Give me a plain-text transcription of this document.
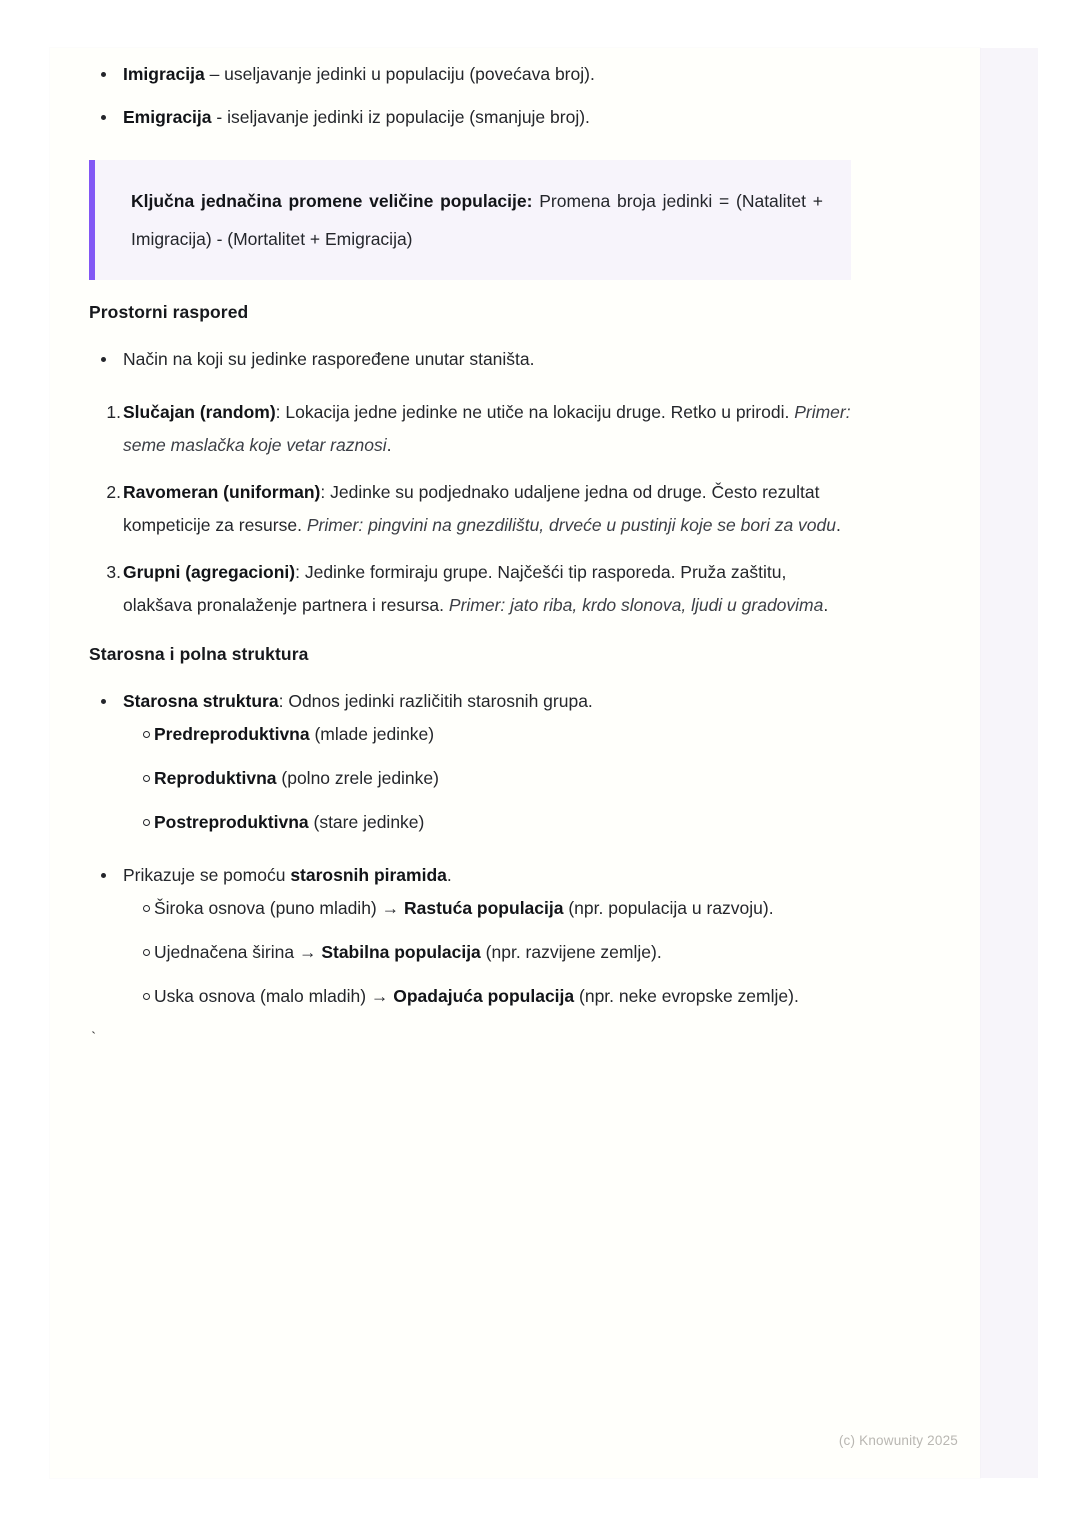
Imigracija – useljavanje jedinki u populaciju (povećava broj).
Emigracija - iseljavanje jedinki iz populacije (smanjuje broj).

Ključna jednačina promene veličine populacije: Promena broja jedinki = (Natalitet + Imigracija) - (Mortalitet + Emigracija)

Prostorni raspored
Način na koji su jedinke raspoređene unutar staništa.
1. Slučajan (random): Lokacija jedne jedinke ne utiče na lokaciju druge. Retko u prirodi. Primer: seme maslačka koje vetar raznosi.
2. Ravomeran (uniforman): Jedinke su podjednako udaljene jedna od druge. Često rezultat kompeticije za resurse. Primer: pingvini na gnezdilištu, drveće u pustinji koje se bori za vodu.
3. Grupni (agregacioni): Jedinke formiraju grupe. Najčešći tip rasporeda. Pruža zaštitu, olakšava pronalaženje partnera i resursa. Primer: jato riba, krdo slonova, ljudi u gradovima.
Starosna i polna struktura
Starosna struktura: Odnos jedinki različitih starosnih grupa.
Predreproduktivna (mlade jedinke)
Reproduktivna (polno zrele jedinke)
Postreproduktivna (stare jedinke)
Prikazuje se pomoću starosnih piramida.
Široka osnova (puno mladih) → Rastuća populacija (npr. populacija u razvoju).
Ujednačena širina → Stabilna populacija (npr. razvijene zemlje).
Uska osnova (malo mladih) → Opadajuća populacija (npr. neke evropske zemlje).
`
(c) Knowunity 2025
